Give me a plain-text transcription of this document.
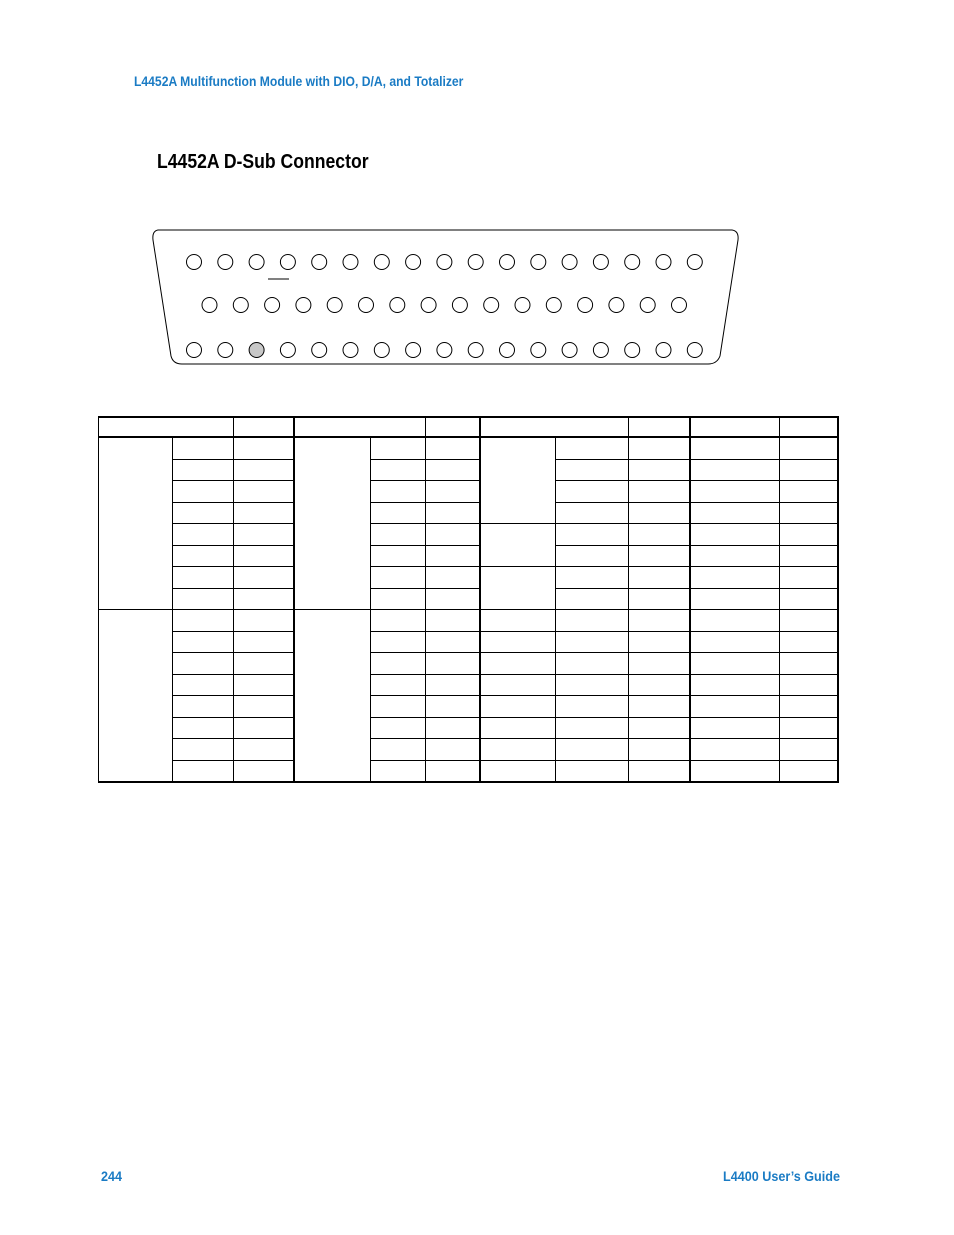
L4452A Multifunction Module with DIO, D/A, and Totalizer
L4452A D-Sub Connector

244	L4400 User’s Guide
